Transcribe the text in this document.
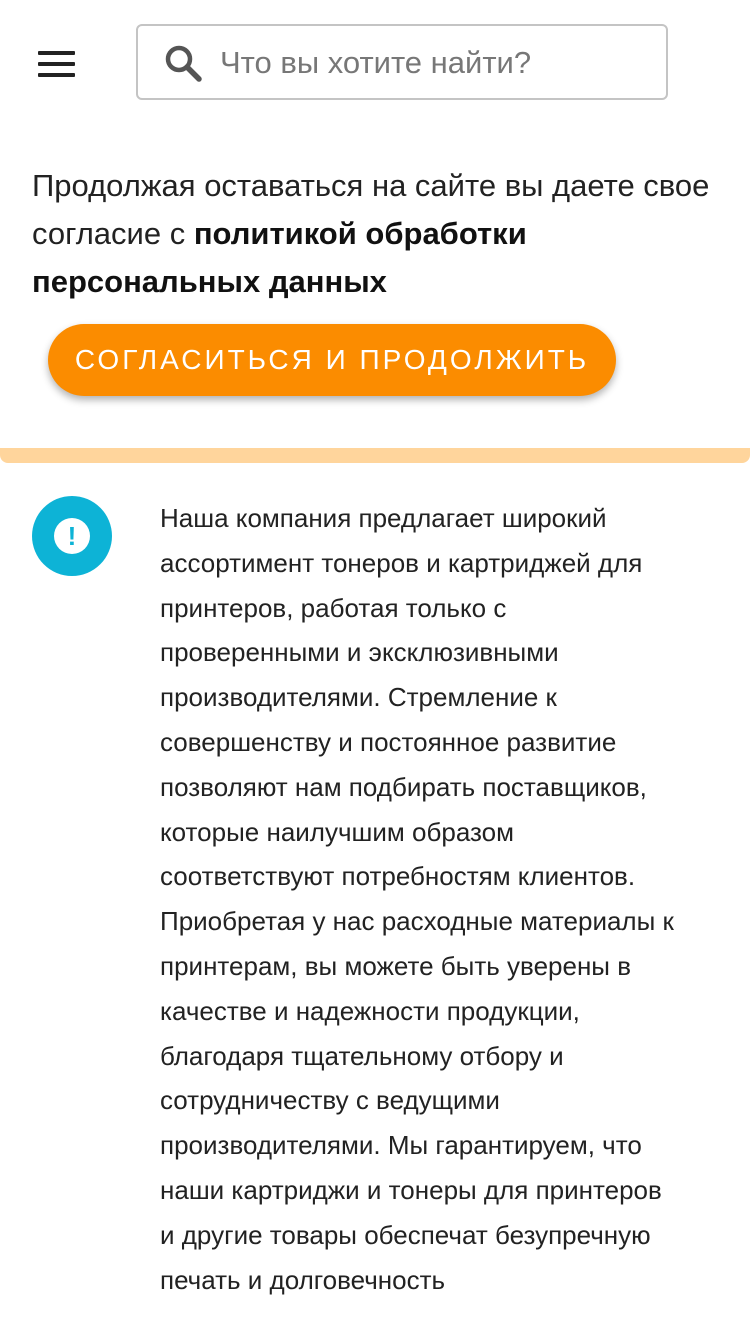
Что вы хотите найти?

Продолжая оставаться на сайте вы даете свое согласие с политикой обработки персональных данных

СОГЛАСИТЬСЯ И ПРОДОЛЖИТЬ
!

Наша компания предлагает широкий ассортимент тонеров и картриджей для принтеров, работая только с проверенными и эксклюзивными производителями. Стремление к совершенству и постоянное развитие позволяют нам подбирать поставщиков, которые наилучшим образом соответствуют потребностям клиентов. Приобретая у нас расходные материалы к принтерам, вы можете быть уверены в качестве и надежности продукции, благодаря тщательному отбору и сотрудничеству с ведущими производителями. Мы гарантируем, что наши картриджи и тонеры для принтеров и другие товары обеспечат безупречную печать и долговечность
